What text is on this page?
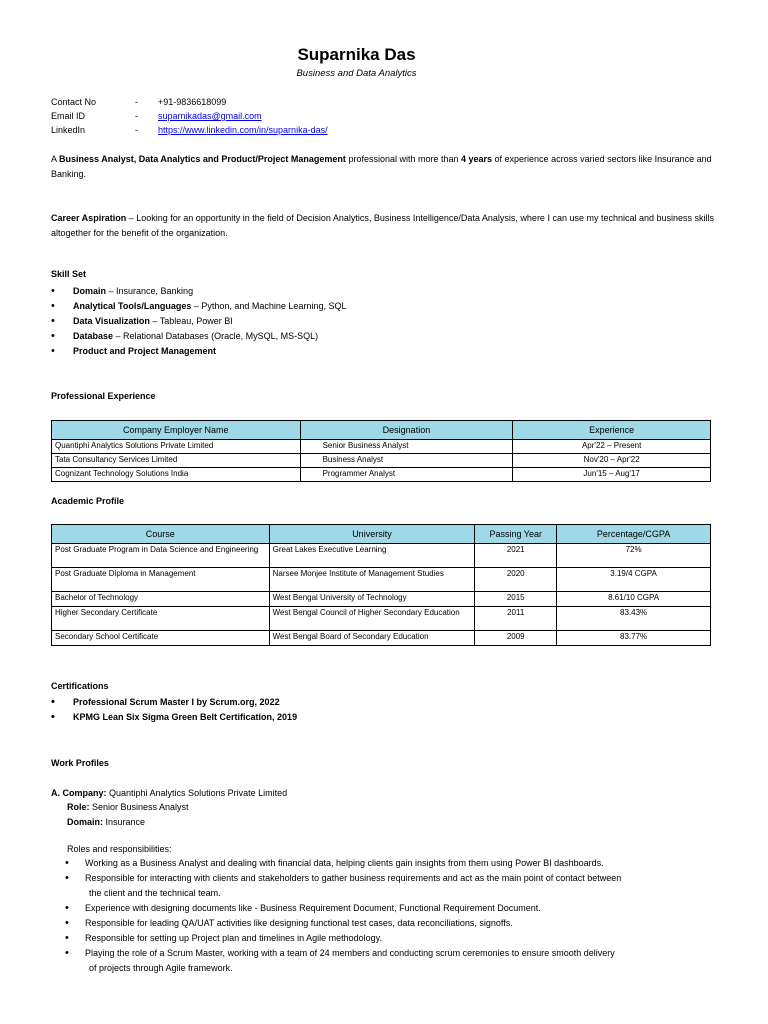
Suparnika Das
Business and Data Analytics
Contact No	- +91-9836618099
Email ID	- suparnikadas@gmail.com
LinkedIn	- https://www.linkedin.com/in/suparnika-das/
A Business Analyst, Data Analytics and Product/Project Management professional with more than 4 years of experience across varied sectors like Insurance and Banking.
Career Aspiration – Looking for an opportunity in the field of Decision Analytics, Business Intelligence/Data Analysis, where I can use my technical and business skills altogether for the benefit of the organization.
Skill Set
• Domain – Insurance, Banking
• Analytical Tools/Languages – Python, and Machine Learning, SQL
• Data Visualization – Tableau, Power BI
• Database – Relational Databases (Oracle, MySQL, MS-SQL)
• Product and Project Management
Professional Experience
Company Employer Name	Designation	Experience
Quantiphi Analytics Solutions Private Limited	Senior Business Analyst	Apr'22 – Present
Tata Consultancy Services Limited	Business Analyst	Nov'20 – Apr'22
Cognizant Technology Solutions India	Programmer Analyst	Jun'15 – Aug'17
Academic Profile
Course	University	Passing Year	Percentage/CGPA
Post Graduate Program in Data Science and Engineering	Great Lakes Executive Learning	2021	72%
Post Graduate Diploma in Management	Narsee Monjee Institute of Management Studies	2020	3.19/4 CGPA
Bachelor of Technology	West Bengal University of Technology	2015	8.61/10 CGPA
Higher Secondary Certificate	West Bengal Council of Higher Secondary Education	2011	83.43%
Secondary School Certificate	West Bengal Board of Secondary Education	2009	83.77%
Certifications
• Professional Scrum Master I by Scrum.org, 2022
• KPMG Lean Six Sigma Green Belt Certification, 2019
Work Profiles
A. Company: Quantiphi Analytics Solutions Private Limited
Role: Senior Business Analyst
Domain: Insurance
Roles and responsibilities:
• Working as a Business Analyst and dealing with financial data, helping clients gain insights from them using Power BI dashboards.
• Responsible for interacting with clients and stakeholders to gather business requirements and act as the main point of contact between
the client and the technical team.
• Experience with designing documents like - Business Requirement Document, Functional Requirement Document.
• Responsible for leading QA/UAT activities like designing functional test cases, data reconciliations, signoffs.
• Responsible for setting up Project plan and timelines in Agile methodology.
• Playing the role of a Scrum Master, working with a team of 24 members and conducting scrum ceremonies to ensure smooth delivery
of projects through Agile framework.
